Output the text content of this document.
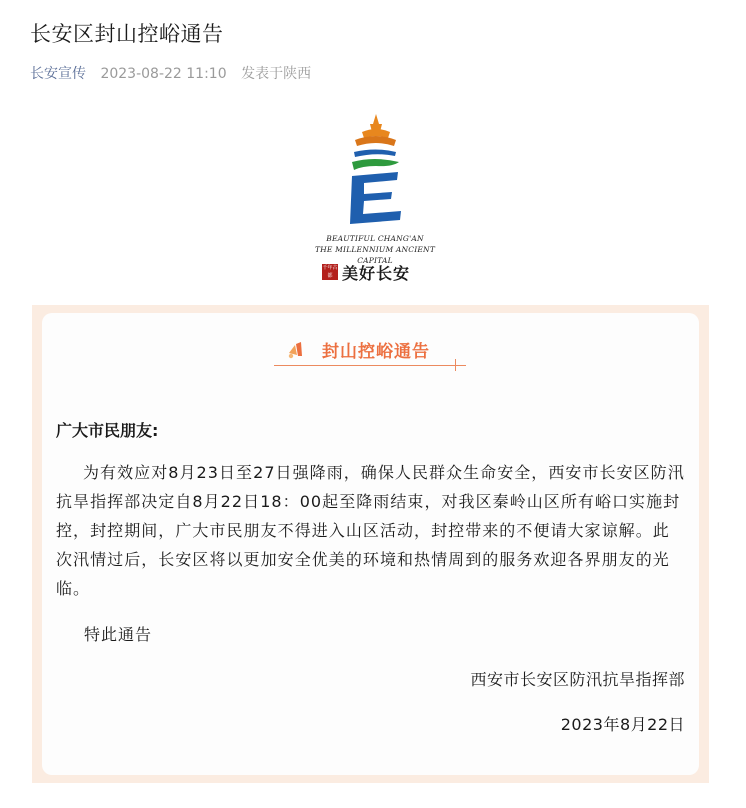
长安区封山控峪通告
长安宣传 2023-08-22 11:10 发表于陕西
BEAUTIFUL CHANG'AN
THE MILLENNIUM ANCIENT CAPITAL
千年古都 美好长安
封山控峪通告
广大市民朋友:

为有效应对8月23日至27日强降雨，确保人民群众生命安全，西安市长安区防汛抗旱指挥部决定自8月22日18：00起至降雨结束，对我区秦岭山区所有峪口实施封控，封控期间，广大市民朋友不得进入山区活动，封控带来的不便请大家谅解。此次汛情过后，长安区将以更加安全优美的环境和热情周到的服务欢迎各界朋友的光临。

特此通告
西安市长安区防汛抗旱指挥部
2023年8月22日
